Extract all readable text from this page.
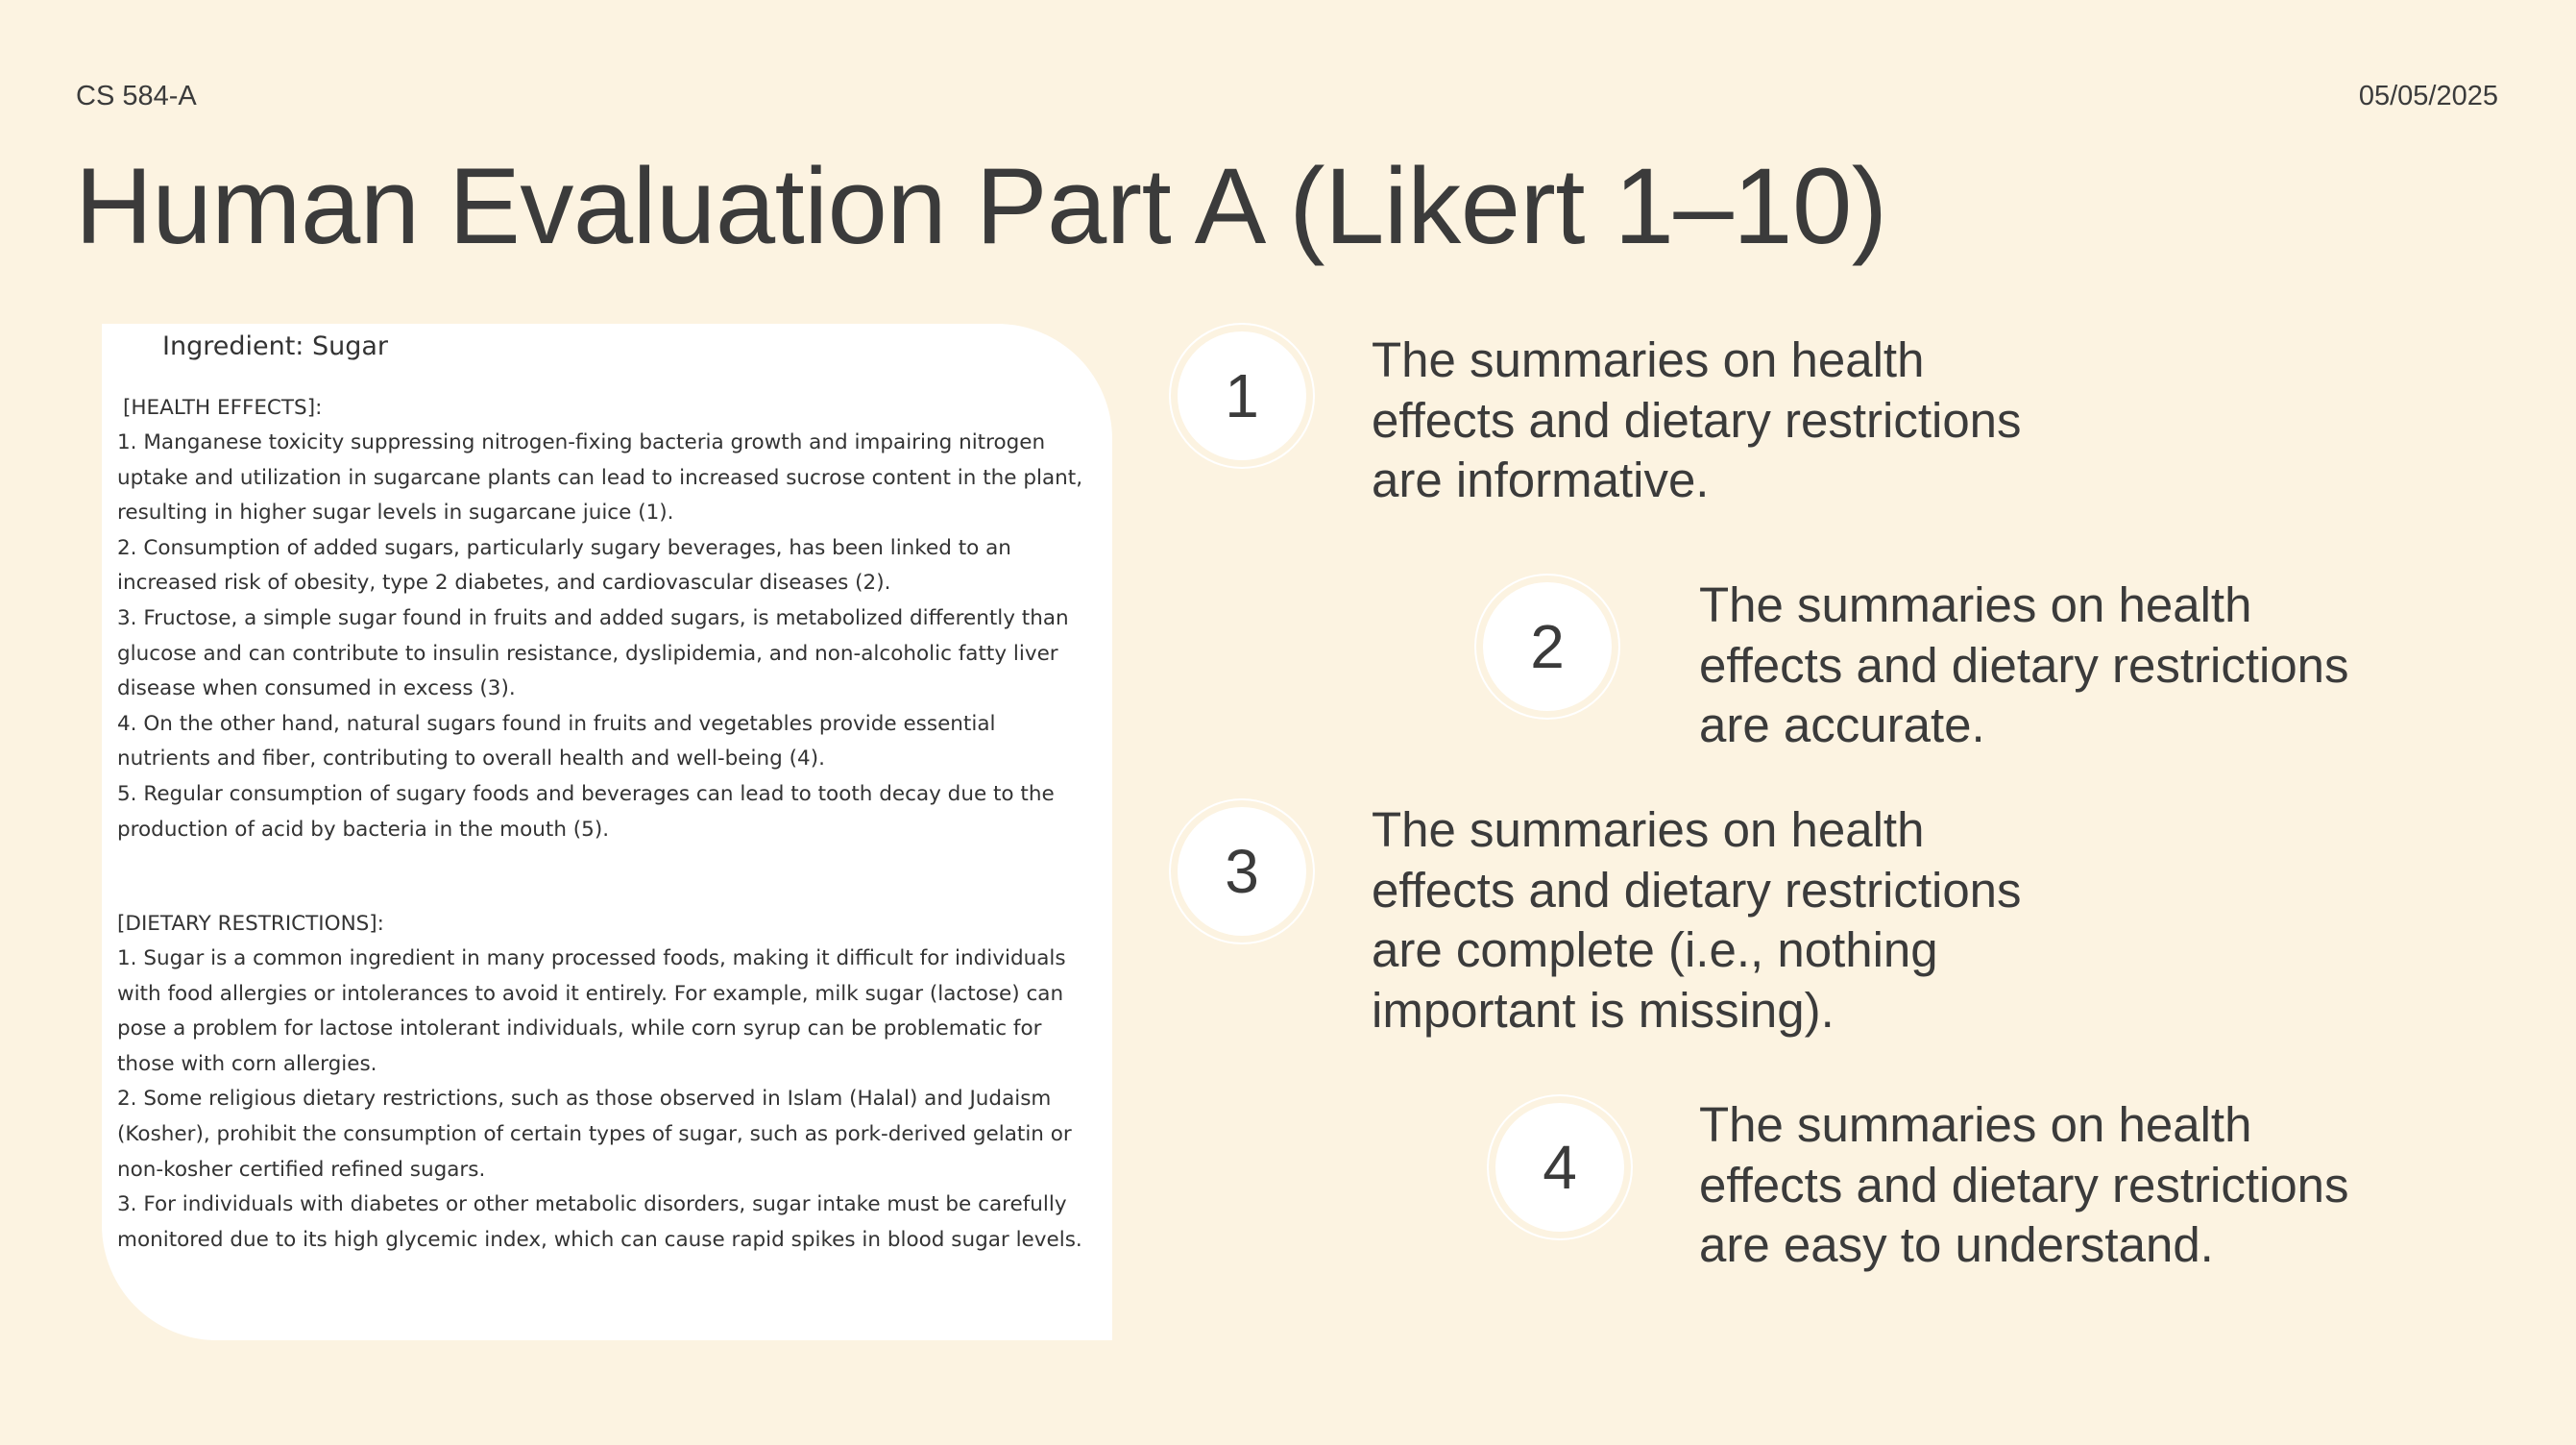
CS 584-A	05/05/2025
Human Evaluation Part A (Likert 1–10)
Ingredient: Sugar
[HEALTH EFFECTS]:
1. Manganese toxicity suppressing nitrogen-fixing bacteria growth and impairing nitrogen uptake and utilization in sugarcane plants can lead to increased sucrose content in the plant, resulting in higher sugar levels in sugarcane juice (1).
2. Consumption of added sugars, particularly sugary beverages, has been linked to an increased risk of obesity, type 2 diabetes, and cardiovascular diseases (2).
3. Fructose, a simple sugar found in fruits and added sugars, is metabolized differently than glucose and can contribute to insulin resistance, dyslipidemia, and non-alcoholic fatty liver disease when consumed in excess (3).
4. On the other hand, natural sugars found in fruits and vegetables provide essential nutrients and fiber, contributing to overall health and well-being (4).
5. Regular consumption of sugary foods and beverages can lead to tooth decay due to the production of acid by bacteria in the mouth (5).
[DIETARY RESTRICTIONS]:
1. Sugar is a common ingredient in many processed foods, making it difficult for individuals with food allergies or intolerances to avoid it entirely. For example, milk sugar (lactose) can pose a problem for lactose intolerant individuals, while corn syrup can be problematic for those with corn allergies.
2. Some religious dietary restrictions, such as those observed in Islam (Halal) and Judaism (Kosher), prohibit the consumption of certain types of sugar, such as pork-derived gelatin or non-kosher certified refined sugars.
3. For individuals with diabetes or other metabolic disorders, sugar intake must be carefully monitored due to its high glycemic index, which can cause rapid spikes in blood sugar levels.
1
The summaries on health
effects and dietary restrictions
are informative.
2
The summaries on health
effects and dietary restrictions
are accurate.
3
The summaries on health
effects and dietary restrictions
are complete (i.e., nothing
important is missing).
4
The summaries on health
effects and dietary restrictions
are easy to understand.
